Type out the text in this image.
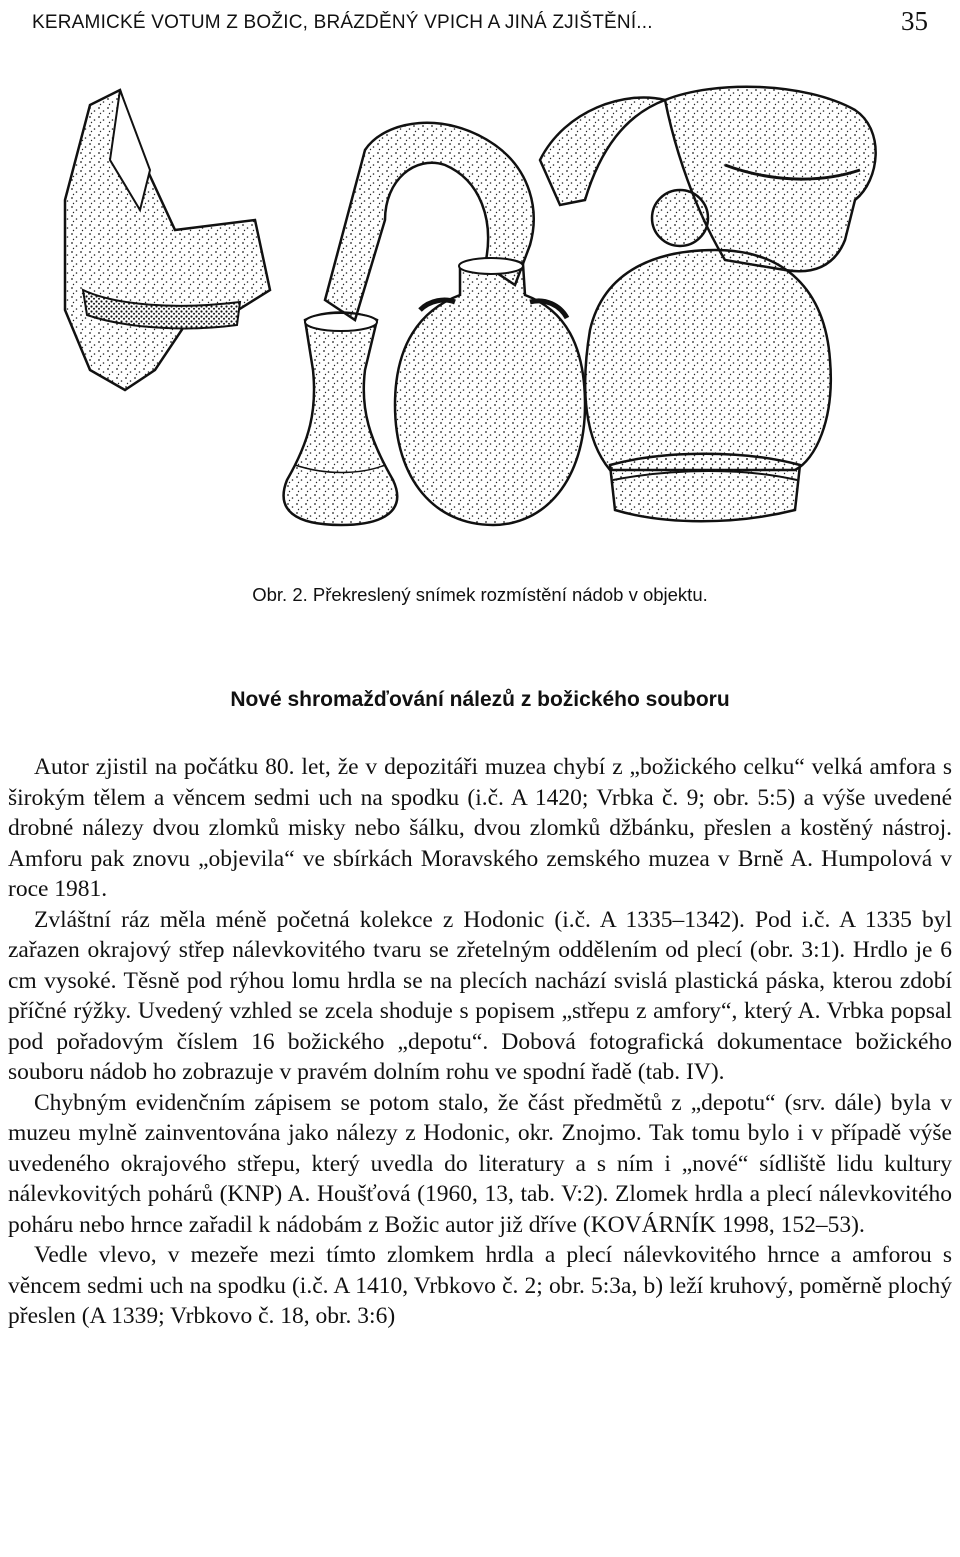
KERAMICKÉ VOTUM Z BOŽIC, BRÁZDĚNÝ VPICH A JINÁ ZJIŠTĚNÍ...	35
Obr. 2. Překreslený snímek rozmístění nádob v objektu.
Nové shromažďování nálezů z božického souboru

Autor zjistil na počátku 80. let, že v depozitáři muzea chybí z „božického celku“ velká amfora s širokým tělem a věncem sedmi uch na spodku (i.č. A 1420; Vrbka č. 9; obr. 5:5) a výše uvedené drobné nálezy dvou zlomků misky nebo šálku, dvou zlomků džbánku, přeslen a kostěný nástroj. Amforu pak znovu „objevila“ ve sbírkách Moravského zemského muzea v Brně A. Humpolová v roce 1981.

Zvláštní ráz měla méně početná kolekce z Hodonic (i.č. A 1335–1342). Pod i.č. A 1335 byl zařazen okrajový střep nálevkovitého tvaru se zřetelným oddělením od plecí (obr. 3:1). Hrdlo je 6 cm vysoké. Těsně pod rýhou lomu hrdla se na plecích nachází svislá plastická páska, kterou zdobí příčné rýžky. Uvedený vzhled se zcela shoduje s popisem „střepu z amfory“, který A. Vrbka popsal pod pořadovým číslem 16 božického „depotu“. Dobová fotografická dokumentace božického souboru nádob ho zobrazuje v pravém dolním rohu ve spodní řadě (tab. IV).

Chybným evidenčním zápisem se potom stalo, že část předmětů z „depotu“ (srv. dále) byla v muzeu mylně zainventována jako nálezy z Hodonic, okr. Znojmo. Tak tomu bylo i v případě výše uvedeného okrajového střepu, který uvedla do literatury a s ním i „nové“ sídliště lidu kultury nálevkovitých pohárů (KNP) A. Houšťová (1960, 13, tab. V:2). Zlomek hrdla a plecí nálevkovitého poháru nebo hrnce zařadil k nádobám z Božic autor již dříve (KOVÁRNÍK 1998, 152–53).

Vedle vlevo, v mezeře mezi tímto zlomkem hrdla a plecí nálevkovitého hrnce a amforou s věncem sedmi uch na spodku (i.č. A 1410, Vrbkovo č. 2; obr. 5:3a, b) leží kruhový, poměrně plochý přeslen (A 1339; Vrbkovo č. 18, obr. 3:6)
